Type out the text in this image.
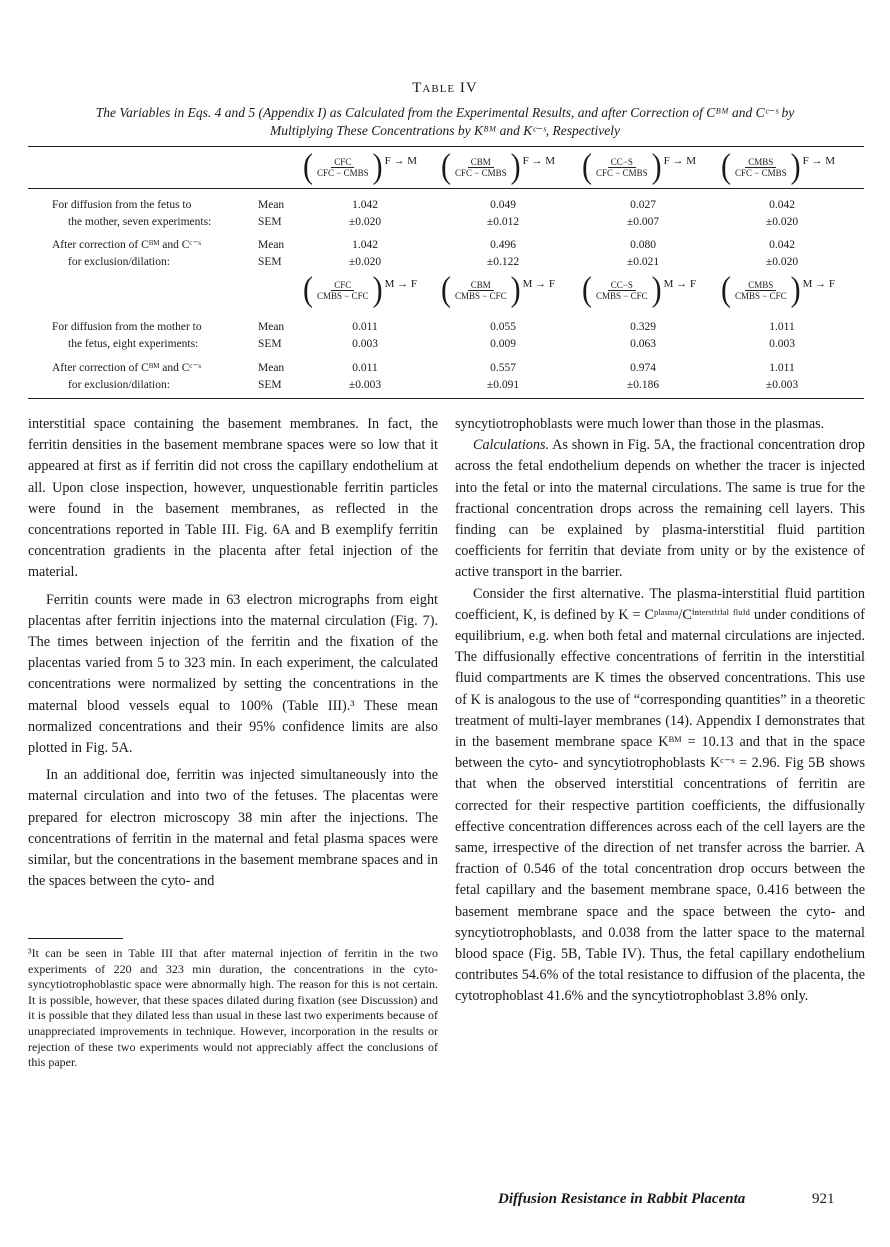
Table IV
The Variables in Eqs. 4 and 5 (Appendix I) as Calculated from the Experimental Results, and after Correction of Cᴮᴹ and Cᶜ⁻ˢ by Multiplying These Concentrations by Kᴮᴹ and Kᶜ⁻ˢ, Respectively
( $\frac{\text{CFC}}{\text{CFC − CMBS}}$ ) F → M ( $\frac{\text{CBM}}{\text{CFC − CMBS}}$ ) F → M ( $\frac{CC-S}{\text{CFC − CMBS}}$ ) F → M ( $\frac{\text{CMBS}}{\text{CFC − CMBS}}$ ) F → M
For diffusion from the fetus to
the mother, seven experiments:
Mean
SEM
1.042
±0.020
0.049
±0.012
0.027
±0.007
0.042
±0.020
After correction of Cᴮᴹ and Cᶜ⁻ˢ
for exclusion/dilation:
Mean
SEM
1.042
±0.020
0.496
±0.122
0.080
±0.021
0.042
±0.020
( $\frac{\text{CFC}}{\text{CMBS − CFC}}$ ) M → F ( $\frac{\text{CBM}}{\text{CMBS − CFC}}$ ) M → F ( $\frac{CC-S}{\text{CMBS − CFC}}$ ) M → F ( $\frac{\text{CMBS}}{\text{CMBS − CFC}}$ ) M → F
For diffusion from the mother to
the fetus, eight experiments:
Mean
SEM
0.011
0.003
0.055
0.009
0.329
0.063
1.011
0.003
After correction of Cᴮᴹ and Cᶜ⁻ˢ
for exclusion/dilation:
Mean
SEM
0.011
±0.003
0.557
±0.091
0.974
±0.186
1.011
±0.003

interstitial space containing the basement membranes. In fact, the ferritin densities in the basement membrane spaces were so low that it appeared at first as if ferritin did not cross the capillary endothelium at all. Upon close inspection, however, unquestionable ferritin particles were found in the basement membranes, as reflected in the concentrations reported in Table III. Fig. 6A and B exemplify ferritin concentration gradients in the placenta after fetal injection of the material.

Ferritin counts were made in 63 electron micrographs from eight placentas after ferritin injections into the maternal circulation (Fig. 7). The times between injection of the ferritin and the fixation of the placentas varied from 5 to 323 min. In each experiment, the calculated concentrations were normalized by setting the concentrations in the maternal blood vessels equal to 100% (Table III).³ These mean normalized concentrations and their 95% confidence limits are also plotted in Fig. 5A.

In an additional doe, ferritin was injected simultaneously into the maternal circulation and into two of the fetuses. The placentas were prepared for electron microscopy 38 min after the injections. The concentrations of ferritin in the maternal and fetal plasma spaces were similar, but the concentrations in the basement membrane spaces and in the spaces between the cyto- and

³It can be seen in Table III that after maternal injection of ferritin in the two experiments of 220 and 323 min duration, the concentrations in the cyto-syncytiotrophoblastic space were abnormally high. The reason for this is not certain. It is possible, however, that these spaces dilated during fixation (see Discussion) and it is possible that they dilated less than usual in these last two experiments because of unappreciated improvements in technique. However, incorporation in the results or rejection of these two experiments would not appreciably affect the conclusions of this paper.

syncytiotrophoblasts were much lower than those in the plasmas.

Calculations. As shown in Fig. 5A, the fractional concentration drop across the fetal endothelium depends on whether the tracer is injected into the fetal or into the maternal circulations. The same is true for the fractional concentration drops across the remaining cell layers. This finding can be explained by plasma-interstitial fluid partition coefficients for ferritin that deviate from unity or by the existence of active transport in the barrier.

Consider the first alternative. The plasma-interstitial fluid partition coefficient, K, is defined by K = Cᵖˡᵃˢᵐᵃ/Cⁱⁿᵗᵉʳˢᵗⁱᵗⁱᵃˡ ᶠˡᵘⁱᵈ under conditions of equilibrium, e.g. when both fetal and maternal circulations are injected. The diffusionally effective concentrations of ferritin in the interstitial fluid compartments are K times the observed concentrations. This use of K is analogous to the use of “corresponding quantities” in a theoretic treatment of multi-layer membranes (14). Appendix I demonstrates that in the basement membrane space Kᴮᴹ = 10.13 and that in the space between the cyto- and syncytiotrophoblasts Kᶜ⁻ˢ = 2.96. Fig 5B shows that when the observed interstitial concentrations of ferritin are corrected for their respective partition coefficients, the diffusionally effective concentration differences across each of the cell layers are the same, irrespective of the direction of net transfer across the barrier. A fraction of 0.546 of the total concentration drop occurs between the fetal capillary and the basement membrane space, 0.416 between the basement membrane space and the space between the cyto- and syncytiotrophoblasts, and 0.038 from the latter space to the maternal blood space (Fig. 5B, Table IV). Thus, the fetal capillary endothelium contributes 54.6% of the total resistance to diffusion of the placenta, the cytotrophoblast 41.6% and the syncytiotrophoblast 3.8% only.

Diffusion Resistance in Rabbit Placenta	921
